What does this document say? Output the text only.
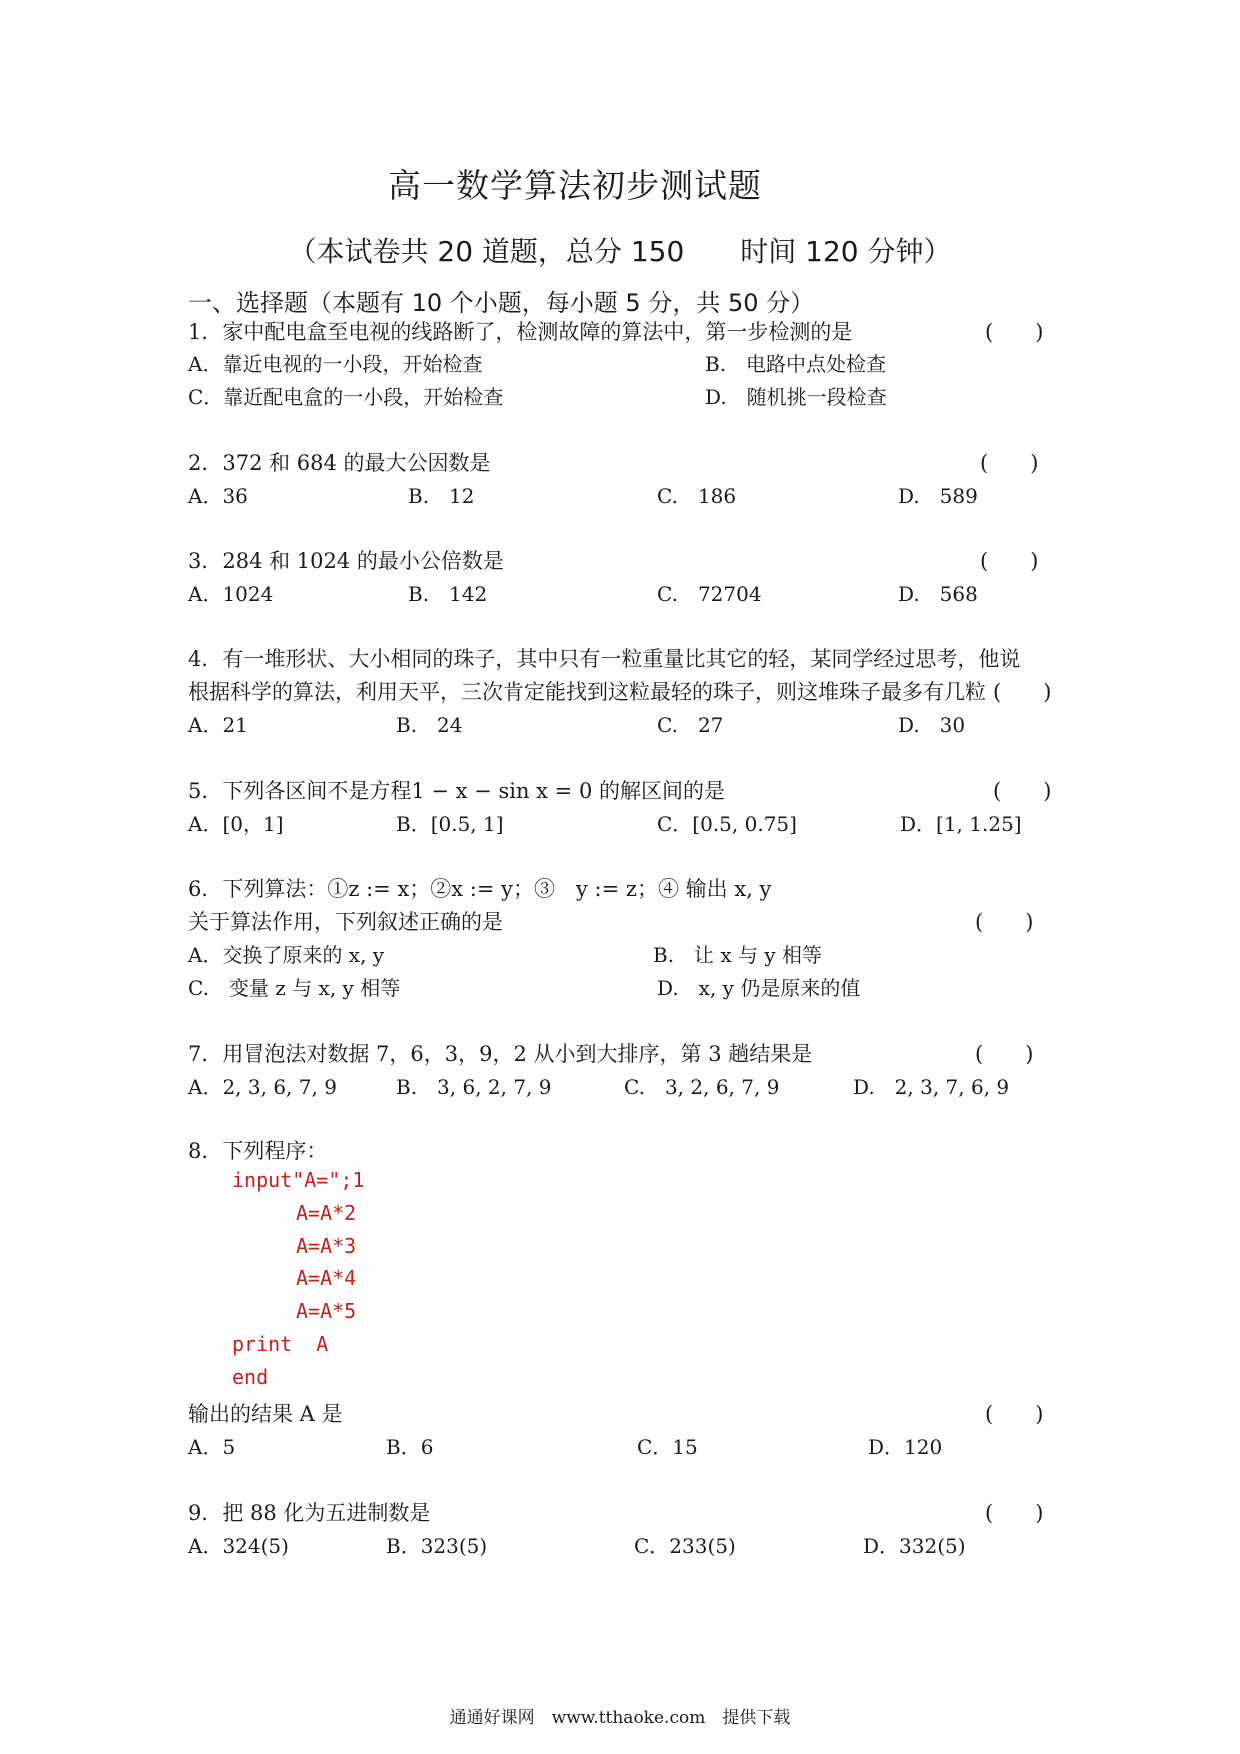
高一数学算法初步测试题
（本试卷共 20 道题，总分 150　　时间 120 分钟）
一、选择题（本题有 10 个小题，每小题 5 分，共 50 分）
1．家中配电盒至电视的线路断了，检测故障的算法中，第一步检测的是	(　　)
A．靠近电视的一小段，开始检查	B.　电路中点处检查
C．靠近配电盒的一小段，开始检查	D.　随机挑一段检查
2．372 和 684 的最大公因数是	(　　)
A．36	B.　12	C.　186	D.　589
3．284 和 1024 的最小公倍数是	(　　)
A．1024	B.　142	C.　72704	D.　568
4．有一堆形状、大小相同的珠子，其中只有一粒重量比其它的轻，某同学经过思考，他说
根据科学的算法，利用天平，三次肯定能找到这粒最轻的珠子，则这堆珠子最多有几粒 (　　)
A．21	B.　24	C.　27	D.　30
5．下列各区间不是方程1 − x − sin x = 0 的解区间的是	(　　)
A．[0，1]	B．[0.5, 1]	C．[0.5, 0.75]	D．[1, 1.25]
6．下列算法：①z := x；②x := y；③　y := z；④ 输出 x, y
关于算法作用，下列叙述正确的是	(　　)
A．交换了原来的 x, y	B.　让 x 与 y 相等
C.　变量 z 与 x, y 相等	D.　x, y 仍是原来的值
7．用冒泡法对数据 7，6，3，9，2 从小到大排序，第 3 趟结果是	(　　)
A．2, 3, 6, 7, 9	B.　3, 6, 2, 7, 9	C.　3, 2, 6, 7, 9	D.　2, 3, 7, 6, 9
8．下列程序：
input"A=";1
A=A*2
A=A*3
A=A*4
A=A*5
print  A
end
输出的结果 A 是	(　　)
A．5	B．6	C．15	D．120
9．把 88 化为五进制数是	(　　)
A．324(5)	B．323(5)	C．233(5)	D．332(5)
通通好课网　www.tthaoke.com　提供下载
